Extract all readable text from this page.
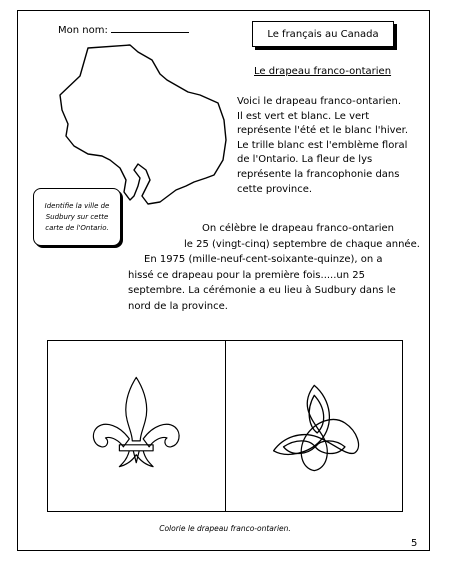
Mon nom:	Le français au Canada
Le drapeau franco-ontarien
Voici le drapeau franco-ontarien.
Il est vert et blanc. Le vert
représente l'été et le blanc l'hiver.
Le trille blanc est l'emblème floral
de l'Ontario. La fleur de lys
représente la francophonie dans
cette province.
Identifie la ville de Sudbury sur cette carte de l'Ontario.	On célèbre le drapeau franco-ontarien
le 25 (vingt-cinq) septembre de chaque année.
En 1975 (mille-neuf-cent-soixante-quinze), on a
hissé ce drapeau pour la première fois.....un 25
septembre. La cérémonie a eu lieu à Sudbury dans le
nord de la province.
Colorie le drapeau franco-ontarien.
5
